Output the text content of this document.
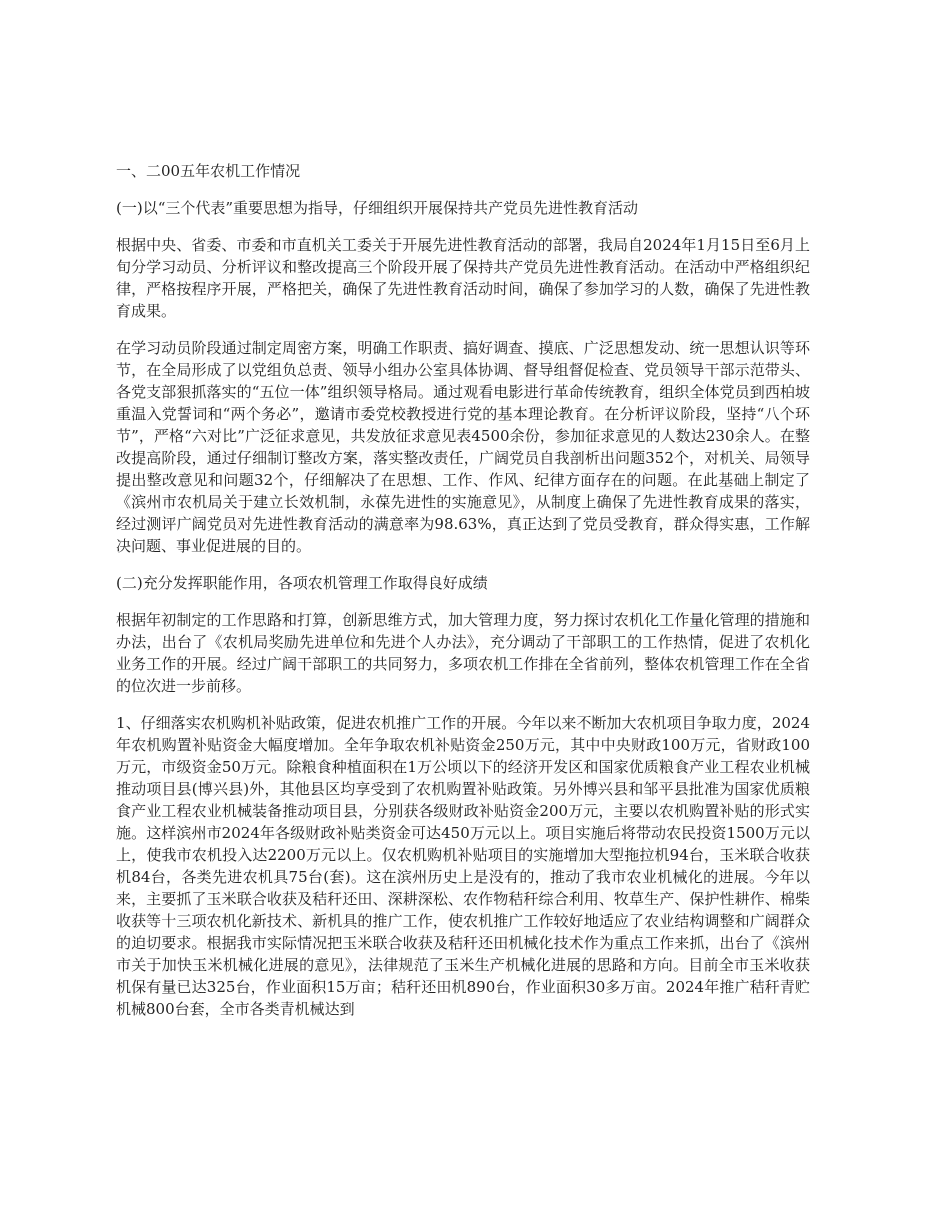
一、二00五年农机工作情况
(一)以“三个代表”重要思想为指导，仔细组织开展保持共产党员先进性教育活动
根据中央、省委、市委和市直机关工委关于开展先进性教育活动的部署，我局自2024年1月15日至6月上旬分学习动员、分析评议和整改提高三个阶段开展了保持共产党员先进性教育活动。在活动中严格组织纪律，严格按程序开展，严格把关，确保了先进性教育活动时间，确保了参加学习的人数，确保了先进性教育成果。
在学习动员阶段通过制定周密方案，明确工作职责、搞好调查、摸底、广泛思想发动、统一思想认识等环节，在全局形成了以党组负总责、领导小组办公室具体协调、督导组督促检查、党员领导干部示范带头、各党支部狠抓落实的“五位一体”组织领导格局。通过观看电影进行革命传统教育，组织全体党员到西柏坡重温入党誓词和“两个务必”，邀请市委党校教授进行党的基本理论教育。在分析评议阶段，坚持“八个环节”，严格“六对比”广泛征求意见，共发放征求意见表4500余份，参加征求意见的人数达230余人。在整改提高阶段，通过仔细制订整改方案，落实整改责任，广阔党员自我剖析出问题352个，对机关、局领导提出整改意见和问题32个，仔细解决了在思想、工作、作风、纪律方面存在的问题。在此基础上制定了《滨州市农机局关于建立长效机制，永葆先进性的实施意见》，从制度上确保了先进性教育成果的落实，经过测评广阔党员对先进性教育活动的满意率为98.63%，真正达到了党员受教育，群众得实惠，工作解决问题、事业促进展的目的。
(二)充分发挥职能作用，各项农机管理工作取得良好成绩
根据年初制定的工作思路和打算，创新思维方式，加大管理力度，努力探讨农机化工作量化管理的措施和办法，出台了《农机局奖励先进单位和先进个人办法》，充分调动了干部职工的工作热情，促进了农机化业务工作的开展。经过广阔干部职工的共同努力，多项农机工作排在全省前列，整体农机管理工作在全省的位次进一步前移。
1、仔细落实农机购机补贴政策，促进农机推广工作的开展。今年以来不断加大农机项目争取力度，2024年农机购置补贴资金大幅度增加。全年争取农机补贴资金250万元，其中中央财政100万元，省财政100万元，市级资金50万元。除粮食种植面积在1万公顷以下的经济开发区和国家优质粮食产业工程农业机械推动项目县(博兴县)外，其他县区均享受到了农机购置补贴政策。另外博兴县和邹平县批准为国家优质粮食产业工程农业机械装备推动项目县，分别获各级财政补贴资金200万元，主要以农机购置补贴的形式实施。这样滨州市2024年各级财政补贴类资金可达450万元以上。项目实施后将带动农民投资1500万元以上，使我市农机投入达2200万元以上。仅农机购机补贴项目的实施增加大型拖拉机94台，玉米联合收获机84台，各类先进农机具75台(套)。这在滨州历史上是没有的，推动了我市农业机械化的进展。今年以来，主要抓了玉米联合收获及秸秆还田、深耕深松、农作物秸秆综合利用、牧草生产、保护性耕作、棉柴收获等十三项农机化新技术、新机具的推广工作，使农机推广工作较好地适应了农业结构调整和广阔群众的迫切要求。根据我市实际情况把玉米联合收获及秸秆还田机械化技术作为重点工作来抓，出台了《滨州市关于加快玉米机械化进展的意见》，法律规范了玉米生产机械化进展的思路和方向。目前全市玉米收获机保有量已达325台，作业面积15万亩；秸秆还田机890台，作业面积30多万亩。2024年推广秸秆青贮机械800台套，全市各类青机械达到
